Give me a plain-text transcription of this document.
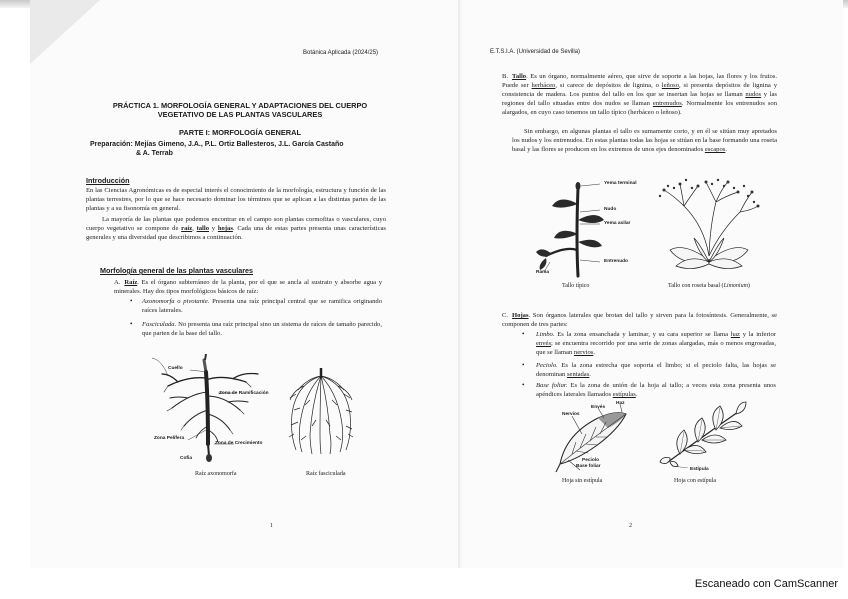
Botánica Aplicada (2024/25)
PRÁCTICA 1. MORFOLOGÍA GENERAL Y ADAPTACIONES DEL CUERPO
VEGETATIVO DE LAS PLANTAS VASCULARES
PARTE I: MORFOLOGÍA GENERAL
Preparación: Mejías Gimeno, J.A., P.L. Ortiz Ballesteros, J.L. García Castaño
& A. Terrab
Introducción
En las Ciencias Agronómicas es de especial interés el conocimiento de la morfología, estructura y función de las plantas terrestres, por lo que se hace necesario dominar los términos que se aplican a las distintas partes de las plantas y a su fisonomía en general.
La mayoría de las plantas que podemos encontrar en el campo son plantas cormofitas o vasculares, cuyo cuerpo vegetativo se compone de raíz, tallo y hojas. Cada una de estas partes presenta unas características generales y una diversidad que describimos a continuación.
Morfología general de las plantas vasculares
A. Raíz. Es el órgano subterráneo de la planta, por el que se ancla al sustrato y absorbe agua y minerales. Hay dos tipos morfológicos básicos de raíz:
• Axonomorfa o pivotante. Presenta una raíz principal central que se ramifica originando raíces laterales.
• Fasciculada. No presenta una raíz principal sino un sistema de raíces de tamaño parecido, que parten de la base del tallo.
Cuello
Zona de Ramificación
Zona Pelífera
Zona de Crecimiento
Cofia
Raíz axonomorfa	Raíz fasciculada
1
E.T.S.I.A. (Universidad de Sevilla)
B. Tallo. Es un órgano, normalmente aéreo, que sirve de soporte a las hojas, las flores y los frutos. Puede ser herbáceo, si carece de depósitos de lignina, o leñoso, si presenta depósitos de lignina y consistencia de madera. Los puntos del tallo en los que se insertan las hojas se llaman nudos y las regiones del tallo situadas entre dos nudos se llaman entrenudos. Normalmente los entrenudos son alargados, en cuyo caso tenemos un tallo típico (herbáceo o leñoso).
Sin embargo, en algunas plantas el tallo es sumamente corto, y en él se sitúan muy apretados los nudos y los entrenudos. En estas plantas todas las hojas se sitúan en la base formando una roseta basal y las flores se producen en los extremos de unos ejes denominados escapos.
Yema terminal
Nudo
Yema axilar
Entrenudo
Rama
Tallo típico	Tallo con roseta basal (Limonium)
C. Hojas. Son órganos laterales que brotan del tallo y sirven para la fotosíntesis. Generalmente, se componen de tres partes:
• Limbo. Es la zona ensanchada y laminar, y su cara superior se llama haz y la inferior envés; se encuentra recorrido por una serie de zonas alargadas, más o menos engrosadas, que se llaman nervios.
• Peciolo. Es la zona estrecha que soporta el limbo; si el peciolo falta, las hojas se denominan sentadas.
• Base foliar. Es la zona de unión de la hoja al tallo; a veces esta zona presenta unos apéndices laterales llamados estípulas.
Nervios
Envés
Haz
Peciolo
Base foliar
Hoja sin estípula
Estípula
Hoja con estípula
2
Escaneado con CamScanner
